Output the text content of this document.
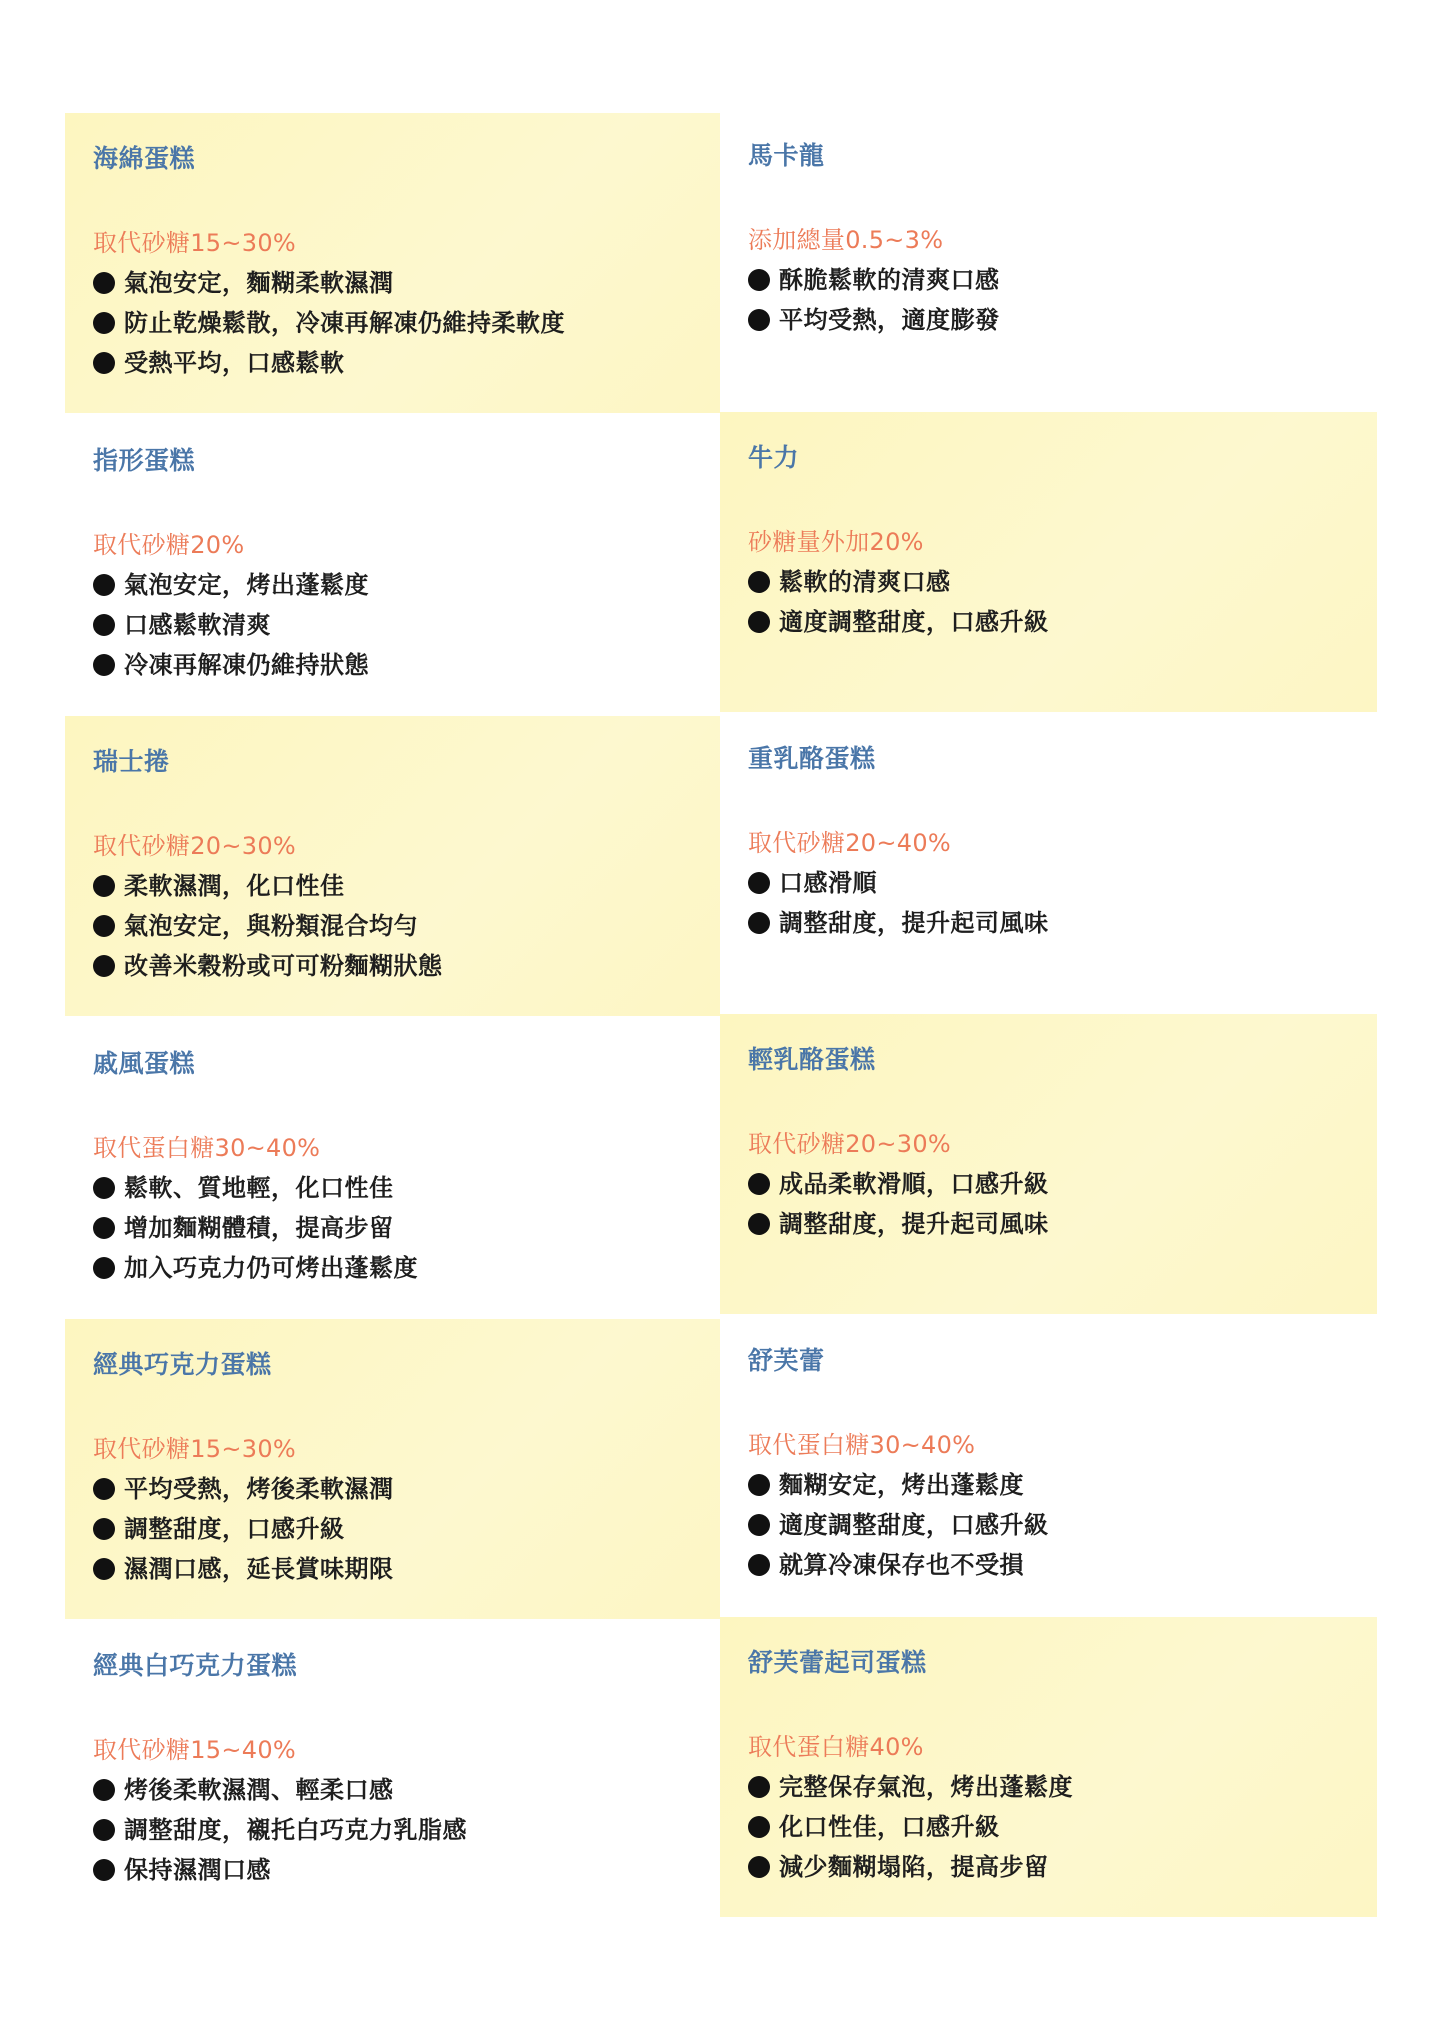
海綿蛋糕
取代砂糖15~30%
氣泡安定，麵糊柔軟濕潤
防止乾燥鬆散，冷凍再解凍仍維持柔軟度
受熱平均，口感鬆軟
指形蛋糕
取代砂糖20%
氣泡安定，烤出蓬鬆度
口感鬆軟清爽
冷凍再解凍仍維持狀態
瑞士捲
取代砂糖20~30%
柔軟濕潤，化口性佳
氣泡安定，與粉類混合均勻
改善米穀粉或可可粉麵糊狀態
戚風蛋糕
取代蛋白糖30~40%
鬆軟、質地輕，化口性佳
增加麵糊體積，提高步留
加入巧克力仍可烤出蓬鬆度
經典巧克力蛋糕
取代砂糖15~30%
平均受熱，烤後柔軟濕潤
調整甜度，口感升級
濕潤口感，延長賞味期限
經典白巧克力蛋糕
取代砂糖15~40%
烤後柔軟濕潤、輕柔口感
調整甜度，襯托白巧克力乳脂感
保持濕潤口感
馬卡龍
添加總量0.5~3%
酥脆鬆軟的清爽口感
平均受熱，適度膨發
牛力
砂糖量外加20%
鬆軟的清爽口感
適度調整甜度，口感升級
重乳酪蛋糕
取代砂糖20~40%
口感滑順
調整甜度，提升起司風味
輕乳酪蛋糕
取代砂糖20~30%
成品柔軟滑順，口感升級
調整甜度，提升起司風味
舒芙蕾
取代蛋白糖30~40%
麵糊安定，烤出蓬鬆度
適度調整甜度，口感升級
就算冷凍保存也不受損
舒芙蕾起司蛋糕
取代蛋白糖40%
完整保存氣泡，烤出蓬鬆度
化口性佳，口感升級
減少麵糊塌陷，提高步留
